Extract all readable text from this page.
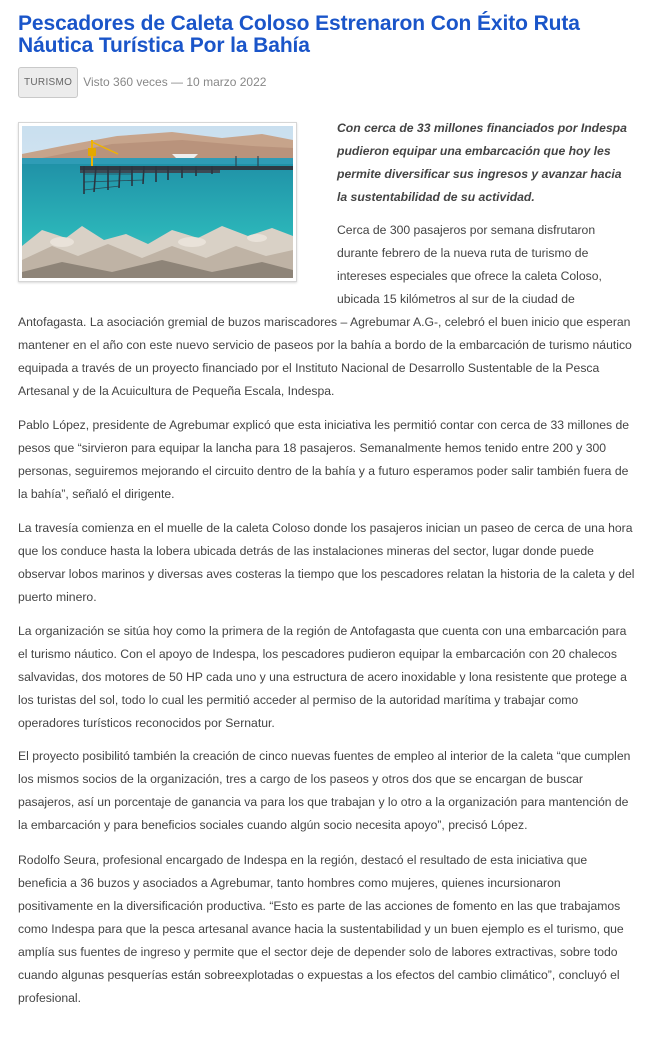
Pescadores de Caleta Coloso Estrenaron Con Éxito Ruta Náutica Turística Por la Bahía
TURISMO Visto 360 veces — 10 marzo 2022

Con cerca de 33 millones financiados por Indespa pudieron equipar una embarcación que hoy les permite diversificar sus ingresos y avanzar hacia la sustentabilidad de su actividad.

Cerca de 300 pasajeros por semana disfrutaron durante febrero de la nueva ruta de turismo de intereses especiales que ofrece la caleta Coloso, ubicada 15 kilómetros al sur de la ciudad de

Antofagasta. La asociación gremial de buzos mariscadores – Agrebumar A.G-, celebró el buen inicio que esperan mantener en el año con este nuevo servicio de paseos por la bahía a bordo de la embarcación de turismo náutico equipada a través de un proyecto financiado por el Instituto Nacional de Desarrollo Sustentable de la Pesca Artesanal y de la Acuicultura de Pequeña Escala, Indespa.

Pablo López, presidente de Agrebumar explicó que esta iniciativa les permitió contar con cerca de 33 millones de pesos que “sirvieron para equipar la lancha para 18 pasajeros. Semanalmente hemos tenido entre 200 y 300 personas, seguiremos mejorando el circuito dentro de la bahía y a futuro esperamos poder salir también fuera de la bahía”, señaló el dirigente.

La travesía comienza en el muelle de la caleta Coloso donde los pasajeros inician un paseo de cerca de una hora que los conduce hasta la lobera ubicada detrás de las instalaciones mineras del sector, lugar donde puede observar lobos marinos y diversas aves costeras la tiempo que los pescadores relatan la historia de la caleta y del puerto minero.

La organización se sitúa hoy como la primera de la región de Antofagasta que cuenta con una embarcación para el turismo náutico. Con el apoyo de Indespa, los pescadores pudieron equipar la embarcación con 20 chalecos salvavidas, dos motores de 50 HP cada uno y una estructura de acero inoxidable y lona resistente que protege a los turistas del sol, todo lo cual les permitió acceder al permiso de la autoridad marítima y trabajar como operadores turísticos reconocidos por Sernatur.

El proyecto posibilitó también la creación de cinco nuevas fuentes de empleo al interior de la caleta “que cumplen los mismos socios de la organización, tres a cargo de los paseos y otros dos que se encargan de buscar pasajeros, así un porcentaje de ganancia va para los que trabajan y lo otro a la organización para mantención de la embarcación y para beneficios sociales cuando algún socio necesita apoyo”, precisó López.

Rodolfo Seura, profesional encargado de Indespa en la región, destacó el resultado de esta iniciativa que beneficia a 36 buzos y asociados a Agrebumar, tanto hombres como mujeres, quienes incursionaron positivamente en la diversificación productiva. “Esto es parte de las acciones de fomento en las que trabajamos como Indespa para que la pesca artesanal avance hacia la sustentabilidad y un buen ejemplo es el turismo, que amplía sus fuentes de ingreso y permite que el sector deje de depender solo de labores extractivas, sobre todo cuando algunas pesquerías están sobreexplotadas o expuestas a los efectos del cambio climático”, concluyó el profesional.
